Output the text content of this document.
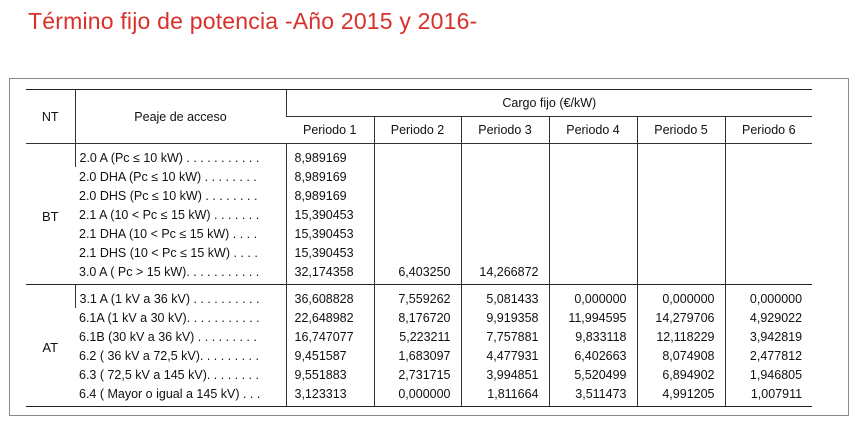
Término fijo de potencia -Año 2015 y 2016-
NT	Peaje de acceso	Cargo fijo (€/kW)					
		Periodo 1	Periodo 2	Periodo 3	Periodo 4	Periodo 5	Periodo 6
BT	2.0 A (Pc ≤ 10 kW) . . . . . . . . . . .	8,989169					
	2.0 DHA (Pc ≤ 10 kW) . . . . . . . .	8,989169					
	2.0 DHS (Pc ≤ 10 kW) . . . . . . . .	8,989169					
	2.1 A (10 < Pc ≤ 15 kW) . . . . . . .	15,390453					
	2.1 DHA (10 < Pc ≤ 15 kW) . . . .	15,390453					
	2.1 DHS (10 < Pc ≤ 15 kW) . . . .	15,390453					
	3.0 A ( Pc > 15 kW). . . . . . . . . . .	32,174358	6,403250	14,266872			
AT	3.1 A (1 kV a 36 kV) . . . . . . . . . .	36,608828	7,559262	5,081433	0,000000	0,000000	0,000000
	6.1A (1 kV a 30 kV). . . . . . . . . . .	22,648982	8,176720	9,919358	11,994595	14,279706	4,929022
	6.1B (30 kV a 36 kV) . . . . . . . . .	16,747077	5,223211	7,757881	9,833118	12,118229	3,942819
	6.2 ( 36 kV a 72,5 kV). . . . . . . . .	9,451587	1,683097	4,477931	6,402663	8,074908	2,477812
	6.3 ( 72,5 kV a 145 kV). . . . . . . .	9,551883	2,731715	3,994851	5,520499	6,894902	1,946805
	6.4 ( Mayor o igual a 145 kV) . . .	3,123313	0,000000	1,811664	3,511473	4,991205	1,007911
